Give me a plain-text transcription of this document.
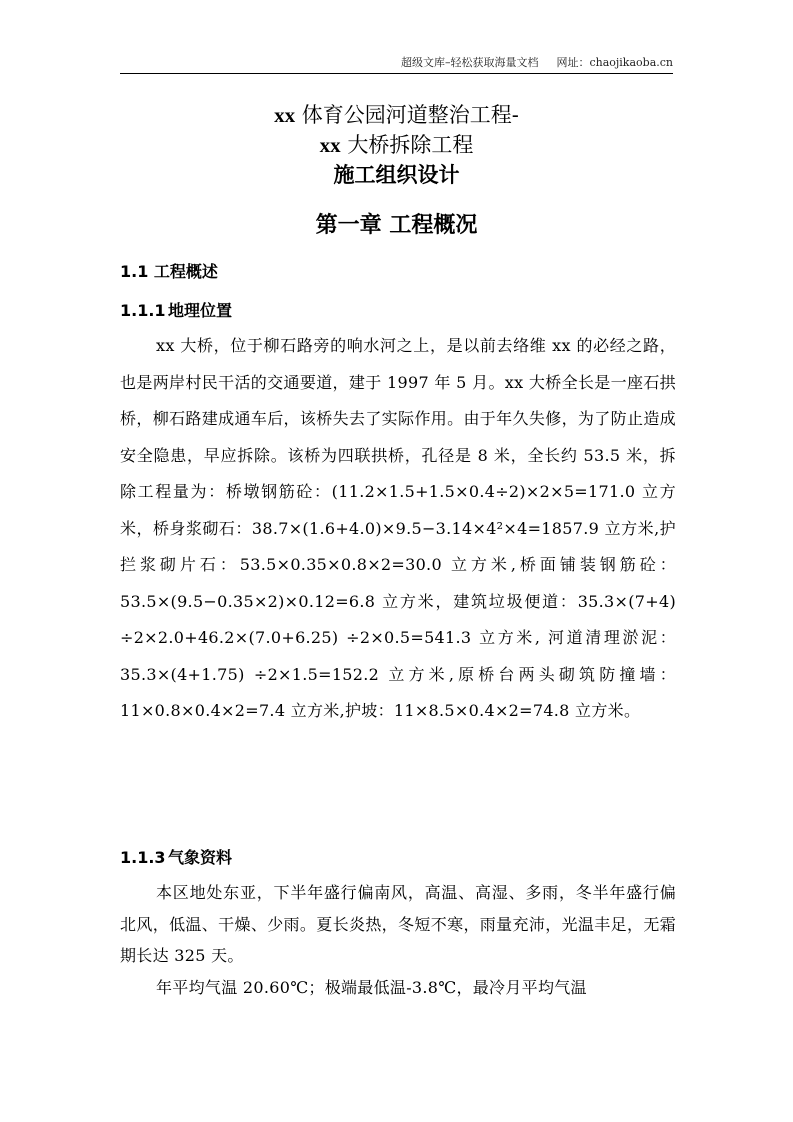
超级文库–轻松获取海量文档 网址：chaojikaoba.cn
xx 体育公园河道整治工程-
xx 大桥拆除工程
施工组织设计
第一章 工程概况
1.1 工程概述
1.1.1 地理位置

xx 大桥，位于柳石路旁的响水河之上，是以前去络维 xx 的必经之路，也是两岸村民干活的交通要道，建于 1997 年 5 月。xx 大桥全长是一座石拱桥，柳石路建成通车后，该桥失去了实际作用。由于年久失修，为了防止造成安全隐患，早应拆除。该桥为四联拱桥，孔径是 8 米，全长约 53.5 米，拆除工程量为：桥墩钢筋砼：(11.2×1.5+1.5×0.4÷2)×2×5=171.0 立方米，桥身浆砌石：38.7×(1.6+4.0)×9.5−3.14×4²×4=1857.9 立方米,护拦浆砌片石：53.5×0.35×0.8×2=30.0 立方米,桥面铺装钢筋砼：53.5×(9.5−0.35×2)×0.12=6.8 立方米，建筑垃圾便道：35.3×(7+4) ÷2×2.0+46.2×(7.0+6.25) ÷2×0.5=541.3 立方米, 河道清理淤泥：35.3×(4+1.75) ÷2×1.5=152.2 立方米,原桥台两头砌筑防撞墙：11×0.8×0.4×2=7.4 立方米,护坡：11×8.5×0.4×2=74.8 立方米。

1.1.3 气象资料

本区地处东亚，下半年盛行偏南风，高温、高湿、多雨，冬半年盛行偏北风，低温、干燥、少雨。夏长炎热，冬短不寒，雨量充沛，光温丰足，无霜期长达 325 天。

年平均气温 20.60℃；极端最低温-3.8℃，最冷月平均气温
